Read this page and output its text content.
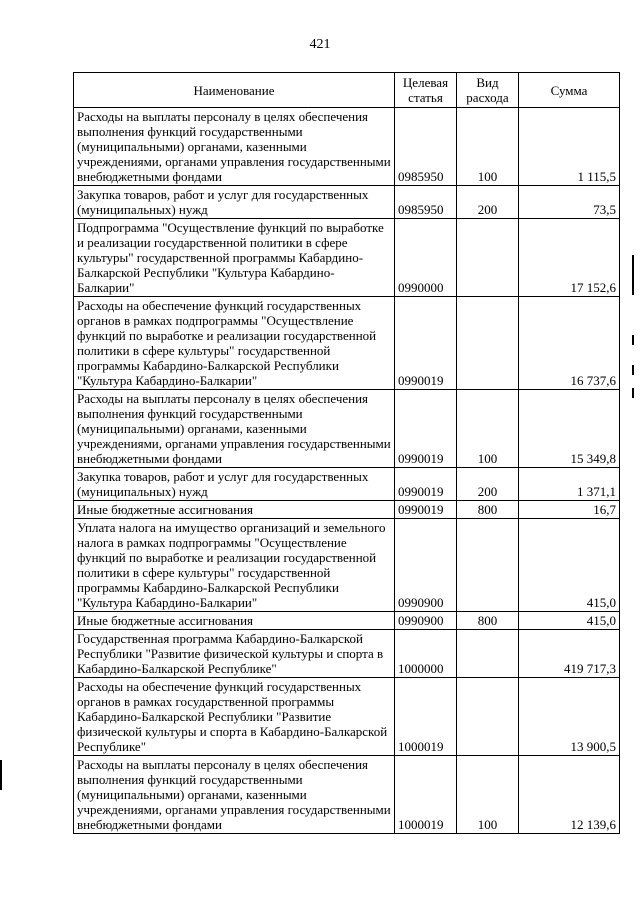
421
Наименование	Целевая статья	Вид расхода	Сумма
Расходы на выплаты персоналу в целях обеспечения выполнения функций государственными (муниципальными) органами, казенными учреждениями, органами управления государственными внебюджетными фондами	0985950	100	1 115,5
Закупка товаров, работ и услуг для государственных (муниципальных) нужд	0985950	200	73,5
Подпрограмма "Осуществление функций по выработке и реализации государственной политики в сфере культуры" государственной программы Кабардино-Балкарской Республики "Культура Кабардино-Балкарии"	0990000		17 152,6
Расходы на обеспечение функций государственных органов в рамках подпрограммы "Осуществление функций по выработке и реализации государственной политики в сфере культуры" государственной программы Кабардино-Балкарской Республики "Культура Кабардино-Балкарии"	0990019		16 737,6
Расходы на выплаты персоналу в целях обеспечения выполнения функций государственными (муниципальными) органами, казенными учреждениями, органами управления государственными внебюджетными фондами	0990019	100	15 349,8
Закупка товаров, работ и услуг для государственных (муниципальных) нужд	0990019	200	1 371,1
Иные бюджетные ассигнования	0990019	800	16,7
Уплата налога на имущество организаций и земельного налога в рамках подпрограммы "Осуществление функций по выработке и реализации государственной политики в сфере культуры" государственной программы Кабардино-Балкарской Республики "Культура Кабардино-Балкарии"	0990900		415,0
Иные бюджетные ассигнования	0990900	800	415,0
Государственная программа Кабардино-Балкарской Республики "Развитие физической культуры и спорта в Кабардино-Балкарской Республике"	1000000		419 717,3
Расходы на обеспечение функций государственных органов в рамках государственной программы Кабардино-Балкарской Республики "Развитие физической культуры и спорта в Кабардино-Балкарской Республике"	1000019		13 900,5
Расходы на выплаты персоналу в целях обеспечения выполнения функций государственными (муниципальными) органами, казенными учреждениями, органами управления государственными внебюджетными фондами	1000019	100	12 139,6
